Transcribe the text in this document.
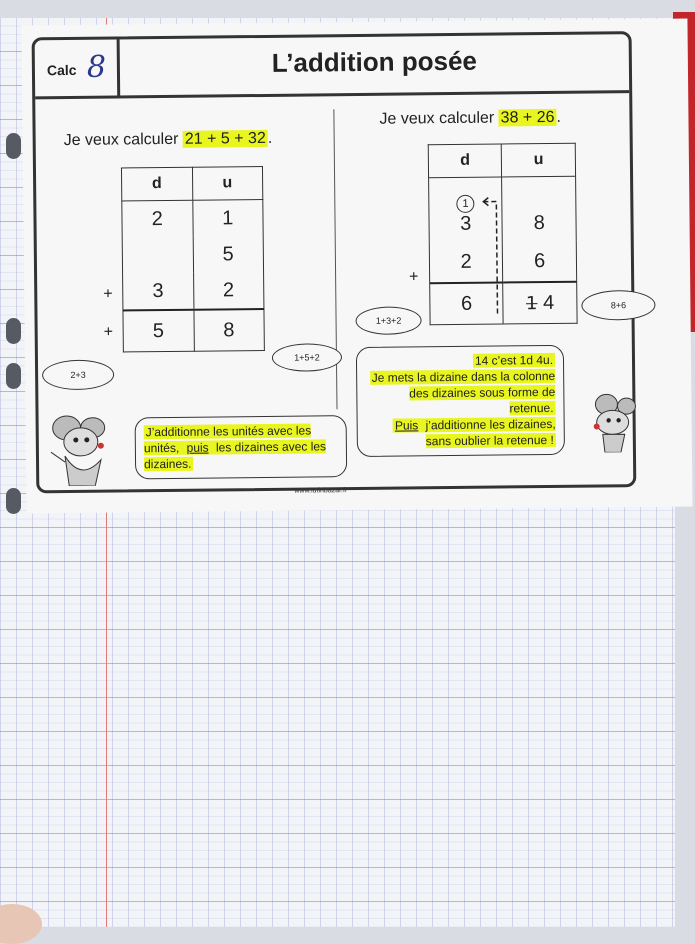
Calc 8	L’addition posée
Je veux calculer 21 + 5 + 32 .
d	u
2	1
	5
3	2
5	8
+
+
2+3
1+5+2
J’additionne les unités avec les unités, puis les dizaines avec les dizaines.
Je veux calculer 38 + 26 .
d	u

1
3	8
2	6
6	1 4
+
1+3+2
8+6
14 c’est 1d 4u.
Je mets la dizaine dans la colonne des dizaines sous forme de retenue.
Puis j’additionne les dizaines, sans oublier la retenue !
www.lutinbazar.fr
